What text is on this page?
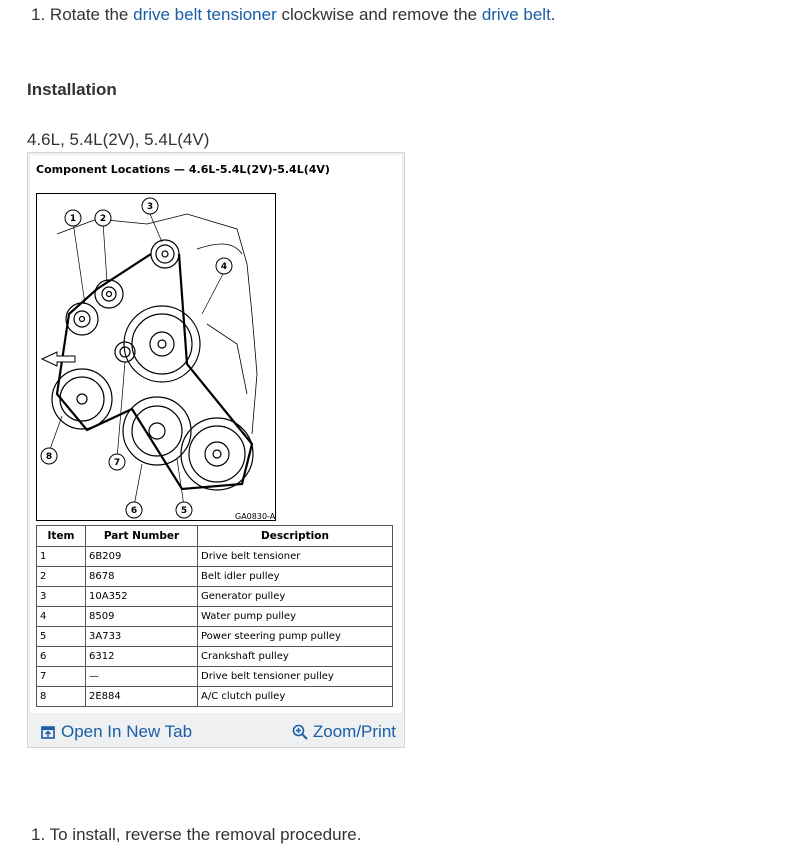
1. Rotate the drive belt tensioner clockwise and remove the drive belt.
Installation
4.6L, 5.4L(2V), 5.4L(4V)
Component Locations — 4.6L-5.4L(2V)-5.4L(4V)
1	2
3
4
5
6
7
8
GA0830-A
Item	Part Number	Description
1	6B209	Drive belt tensioner
2	8678	Belt idler pulley
3	10A352	Generator pulley
4	8509	Water pump pulley
5	3A733	Power steering pump pulley
6	6312	Crankshaft pulley
7	—	Drive belt tensioner pulley
8	2E884	A/C clutch pulley
Open In New Tab	Zoom/Print
1. To install, reverse the removal procedure.
